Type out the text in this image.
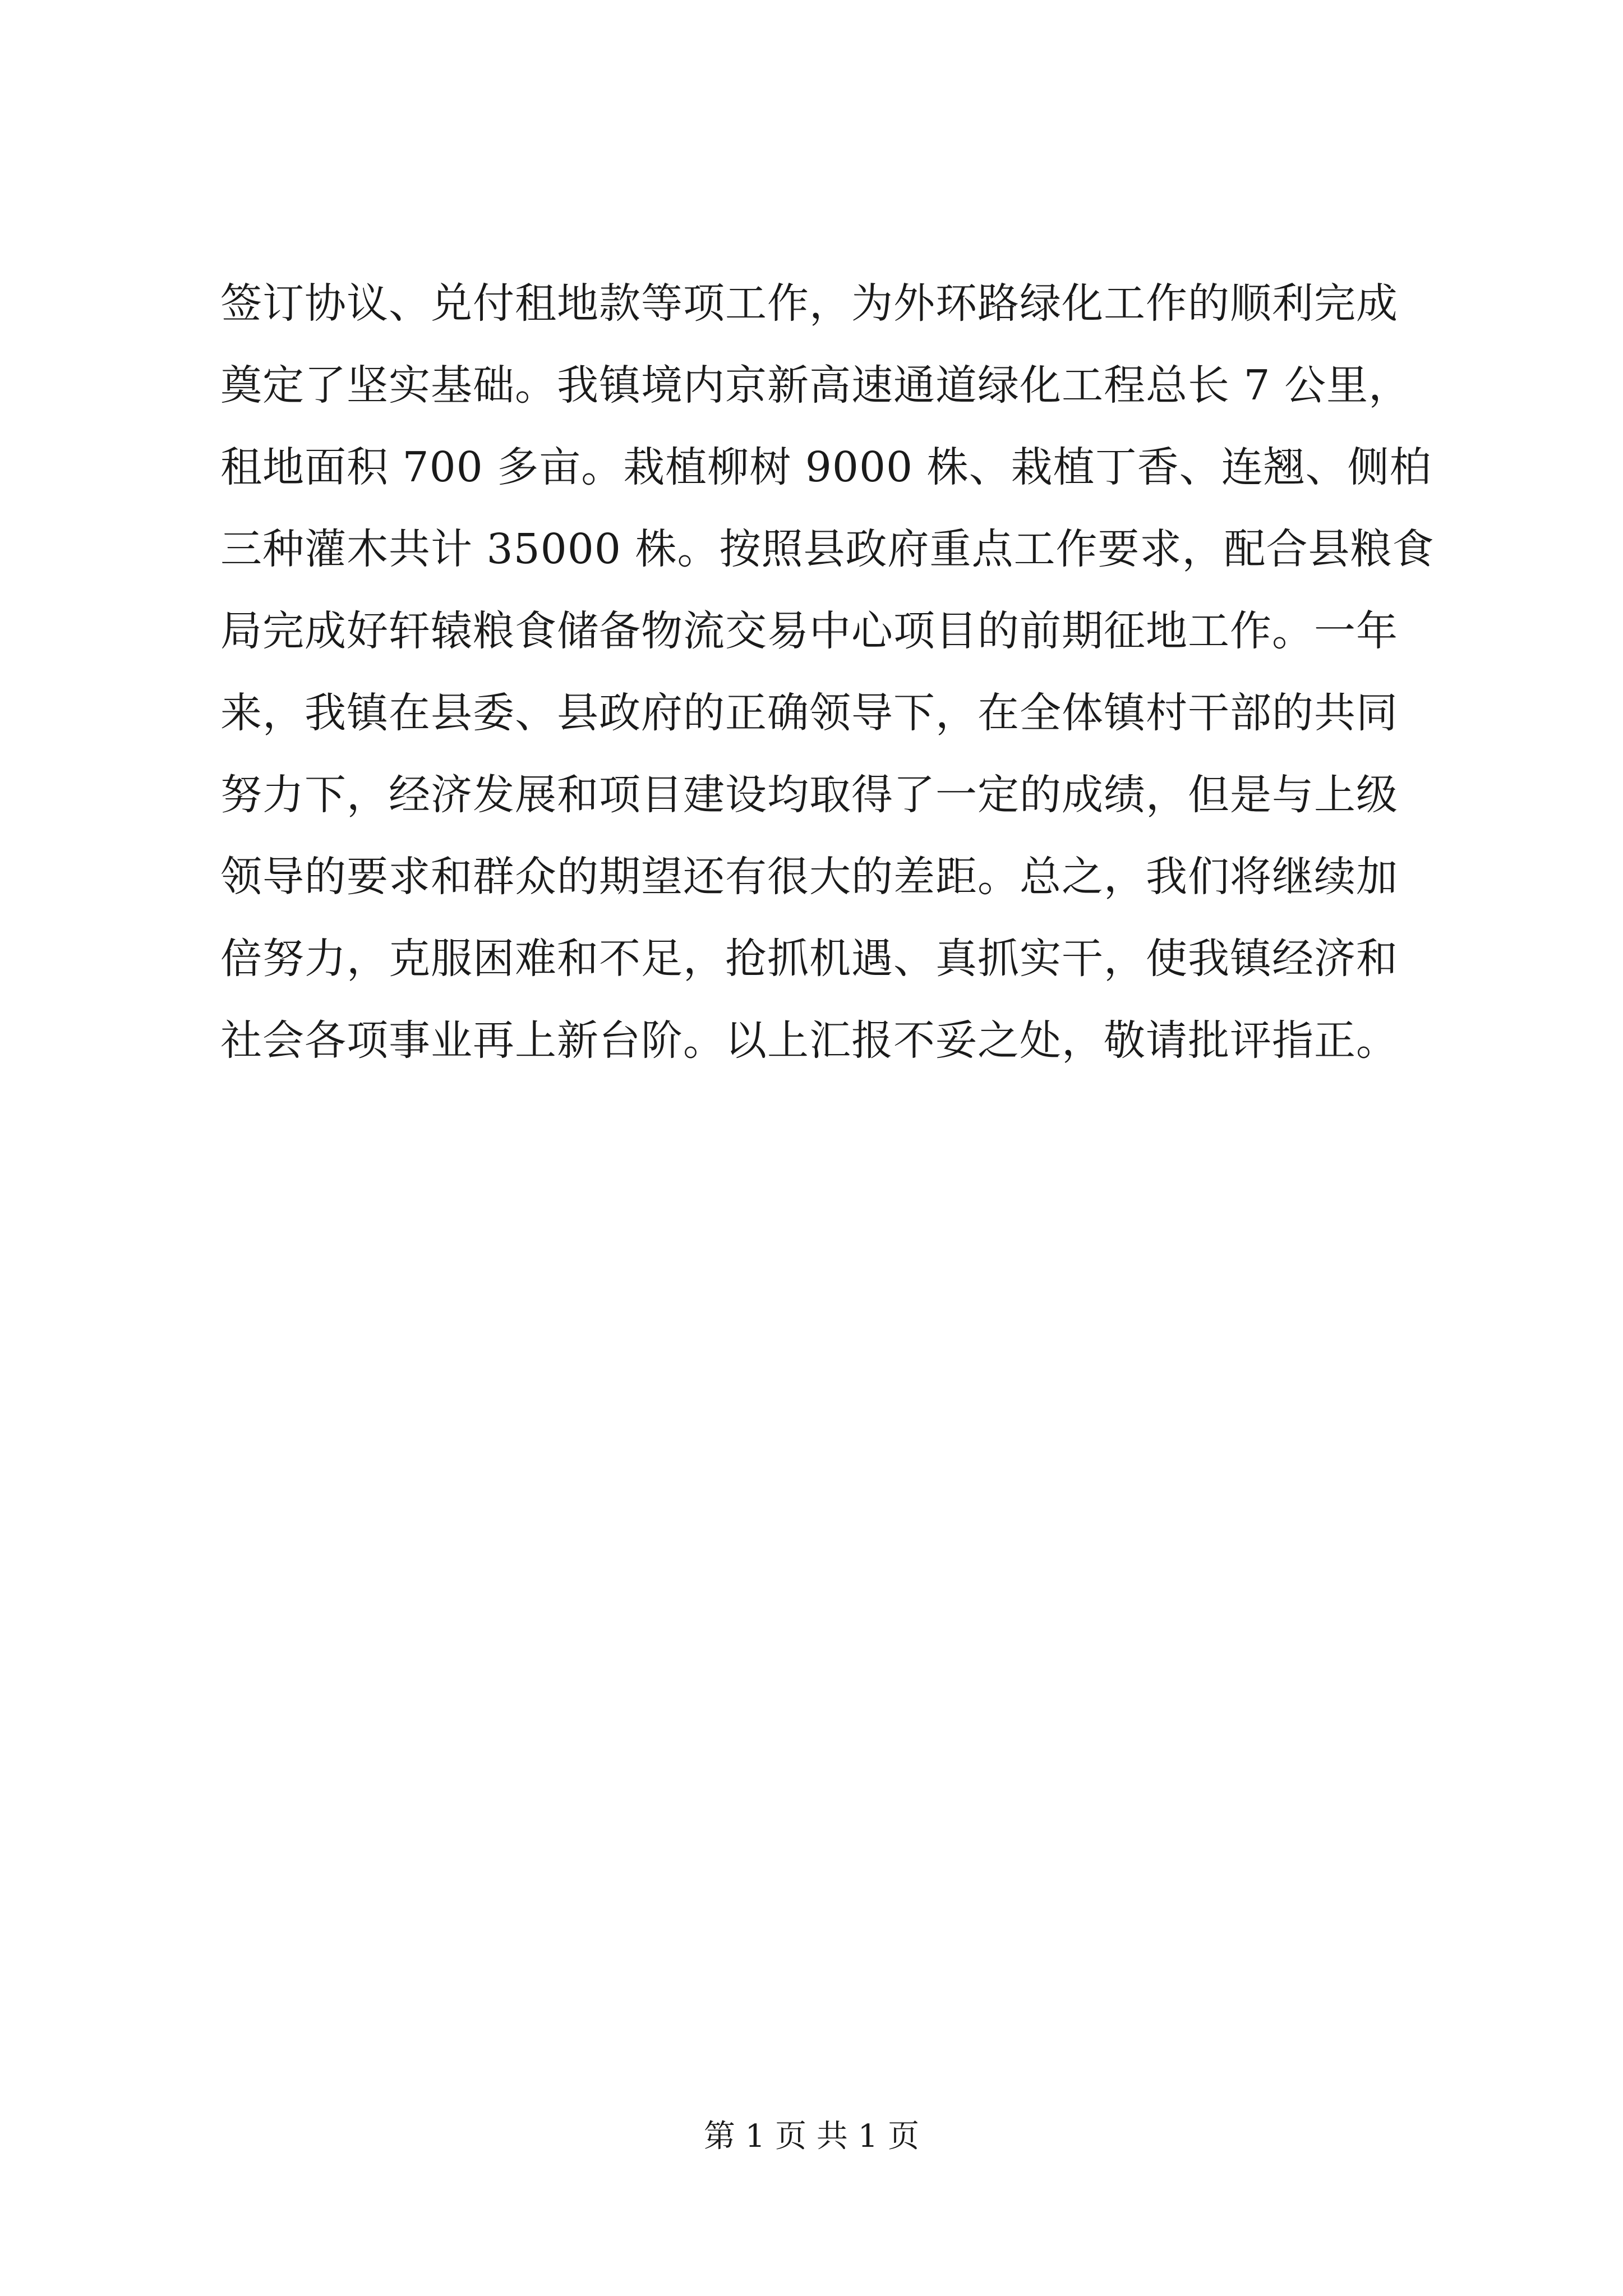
签订协议、兑付租地款等项工作，为外环路绿化工作的顺利完成
奠定了坚实基础。我镇境内京新高速通道绿化工程总长 7 公里，
租地面积 700 多亩。栽植柳树 9000 株、栽植丁香、连翘、侧柏
三种灌木共计 35000 株。按照县政府重点工作要求，配合县粮食
局完成好轩辕粮食储备物流交易中心项目的前期征地工作。一年
来，我镇在县委、县政府的正确领导下，在全体镇村干部的共同
努力下，经济发展和项目建设均取得了一定的成绩，但是与上级
领导的要求和群众的期望还有很大的差距。总之，我们将继续加
倍努力，克服困难和不足，抢抓机遇、真抓实干，使我镇经济和
社会各项事业再上新台阶。以上汇报不妥之处，敬请批评指正。
第 1 页 共 1 页
